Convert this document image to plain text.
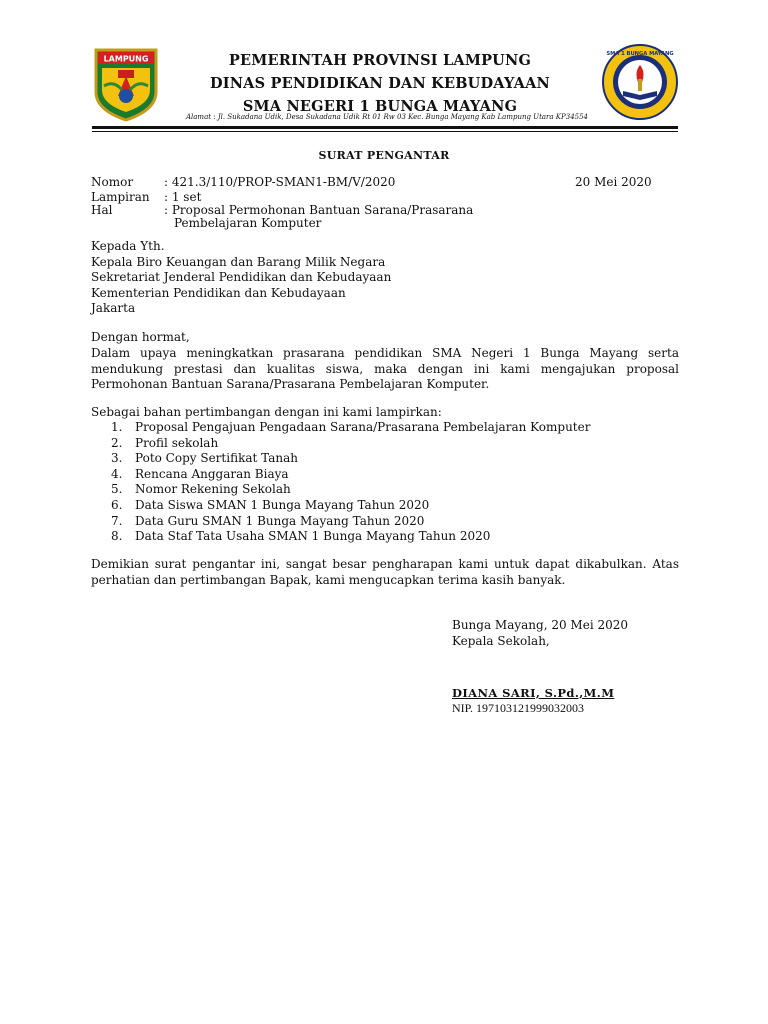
LAMPUNG
SMA 1 BUNGA MAYANG
PEMERINTAH PROVINSI LAMPUNG
DINAS PENDIDIKAN DAN KEBUDAYAAN
SMA NEGERI 1 BUNGA MAYANG
Alamat : Jl. Sukadana Udik, Desa Sukadana Udik Rt 01 Rw 03 Kec. Bunga Mayang Kab Lampung Utara KP34554
SURAT PENGANTAR
Nomor	: 421.3/110/PROP-SMAN1-BM/V/2020	20 Mei 2020
Lampiran : 1 set
Hal	: Proposal Permohonan Bantuan Sarana/Prasarana
Pembelajaran Komputer
Kepada Yth.
Kepala Biro Keuangan dan Barang Milik Negara
Sekretariat Jenderal Pendidikan dan Kebudayaan
Kementerian Pendidikan dan Kebudayaan
Jakarta
Dengan hormat,
Dalam upaya meningkatkan prasarana pendidikan SMA Negeri 1 Bunga Mayang serta mendukung prestasi dan kualitas siswa, maka dengan ini kami mengajukan proposal Permohonan Bantuan Sarana/Prasarana Pembelajaran Komputer.
Sebagai bahan pertimbangan dengan ini kami lampirkan:
1. Proposal Pengajuan Pengadaan Sarana/Prasarana Pembelajaran Komputer
2. Profil sekolah
3. Poto Copy Sertifikat Tanah
4. Rencana Anggaran Biaya
5. Nomor Rekening Sekolah
6. Data Siswa SMAN 1 Bunga Mayang Tahun 2020
7. Data Guru SMAN 1 Bunga Mayang Tahun 2020
8. Data Staf Tata Usaha SMAN 1 Bunga Mayang Tahun 2020
Demikian surat pengantar ini, sangat besar pengharapan kami untuk dapat dikabulkan. Atas perhatian dan pertimbangan Bapak, kami mengucapkan terima kasih banyak.
Bunga Mayang, 20 Mei 2020
Kepala Sekolah,
DIANA SARI, S.Pd.,M.M
NIP. 197103121999032003
